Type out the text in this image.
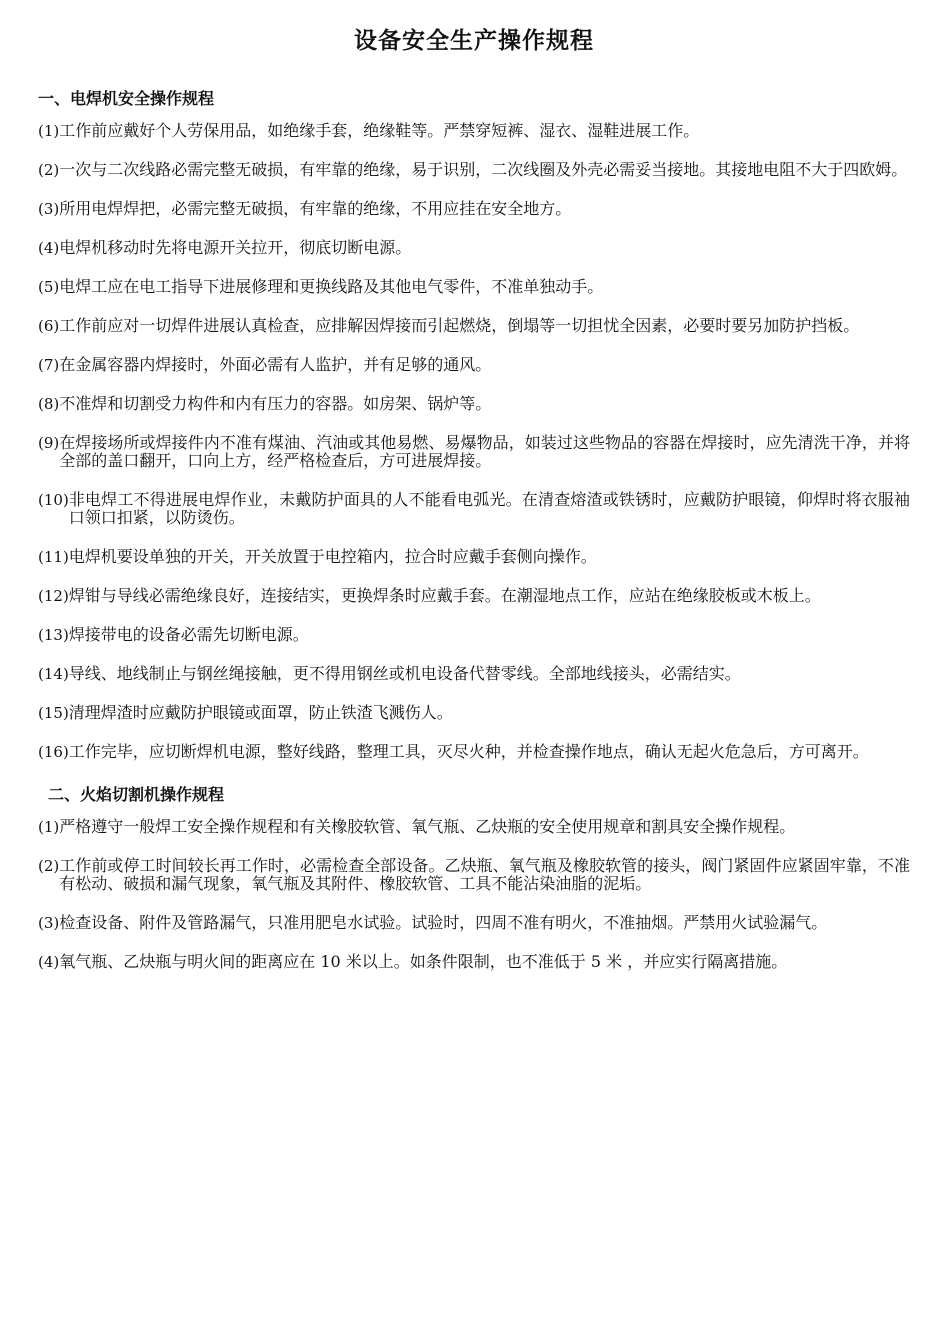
设备安全生产操作规程
一、电焊机安全操作规程
(1) 工作前应戴好个人劳保用品，如绝缘手套，绝缘鞋等。严禁穿短裤、湿衣、湿鞋进展工作。
(2) 一次与二次线路必需完整无破损，有牢靠的绝缘，易于识别，二次线圈及外壳必需妥当接地。其接地电阻不大于四欧姆。
(3) 所用电焊焊把，必需完整无破损，有牢靠的绝缘，不用应挂在安全地方。
(4) 电焊机移动时先将电源开关拉开，彻底切断电源。
(5) 电焊工应在电工指导下进展修理和更换线路及其他电气零件，不准单独动手。
(6) 工作前应对一切焊件进展认真检查，应排解因焊接而引起燃烧，倒塌等一切担忧全因素，必要时要另加防护挡板。
(7) 在金属容器内焊接时，外面必需有人监护，并有足够的通风。
(8) 不准焊和切割受力构件和内有压力的容器。如房架、锅炉等。
(9) 在焊接场所或焊接件内不准有煤油、汽油或其他易燃、易爆物品，如装过这些物品的容器在焊接时，应先清洗干净，并将全部的盖口翻开，口向上方，经严格检查后，方可进展焊接。
(10) 非电焊工不得进展电焊作业，未戴防护面具的人不能看电弧光。在清查熔渣或铁锈时，应戴防护眼镜，仰焊时将衣服袖口领口扣紧，以防烫伤。
(11) 电焊机要设单独的开关，开关放置于电控箱内，拉合时应戴手套侧向操作。
(12) 焊钳与导线必需绝缘良好，连接结实，更换焊条时应戴手套。在潮湿地点工作，应站在绝缘胶板或木板上。
(13) 焊接带电的设备必需先切断电源。
(14) 导线、地线制止与钢丝绳接触，更不得用钢丝或机电设备代替零线。全部地线接头，必需结实。
(15) 清理焊渣时应戴防护眼镜或面罩，防止铁渣飞溅伤人。
(16) 工作完毕，应切断焊机电源，整好线路，整理工具，灭尽火种，并检查操作地点，确认无起火危急后，方可离开。
二、火焰切割机操作规程
(1) 严格遵守一般焊工安全操作规程和有关橡胶软管、氧气瓶、乙炔瓶的安全使用规章和割具安全操作规程。
(2) 工作前或停工时间较长再工作时，必需检查全部设备。乙炔瓶、氧气瓶及橡胶软管的接头，阀门紧固件应紧固牢靠，不准有松动、破损和漏气现象，氧气瓶及其附件、橡胶软管、工具不能沾染油脂的泥垢。
(3) 检查设备、附件及管路漏气，只准用肥皂水试验。试验时，四周不准有明火，不准抽烟。严禁用火试验漏气。
(4) 氧气瓶、乙炔瓶与明火间的距离应在 10 米以上。如条件限制，也不准低于 5 米 ，并应实行隔离措施。
